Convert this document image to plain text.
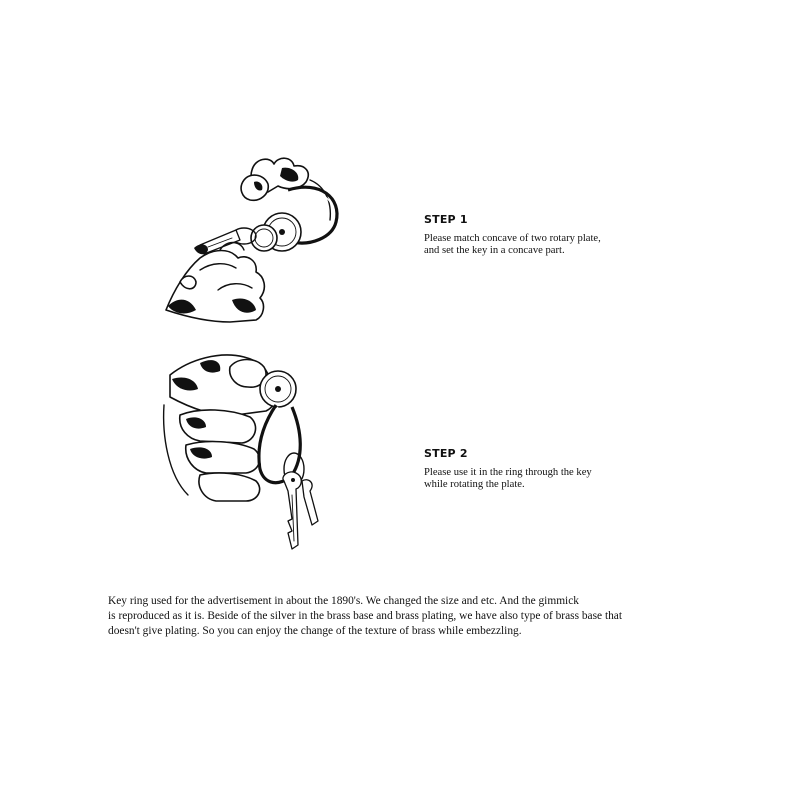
STEP 1
Please match concave of two rotary plate,
and set the key in a concave part.
STEP 2
Please use it in the ring through the key
while rotating the plate.
Key ring used for the advertisement in about the 1890's. We changed the size and etc. And the gimmick
is reproduced as it is. Beside of the silver in the brass base and brass plating, we have also type of brass base that
doesn't give plating. So you can enjoy the change of the texture of brass while embezzling.
